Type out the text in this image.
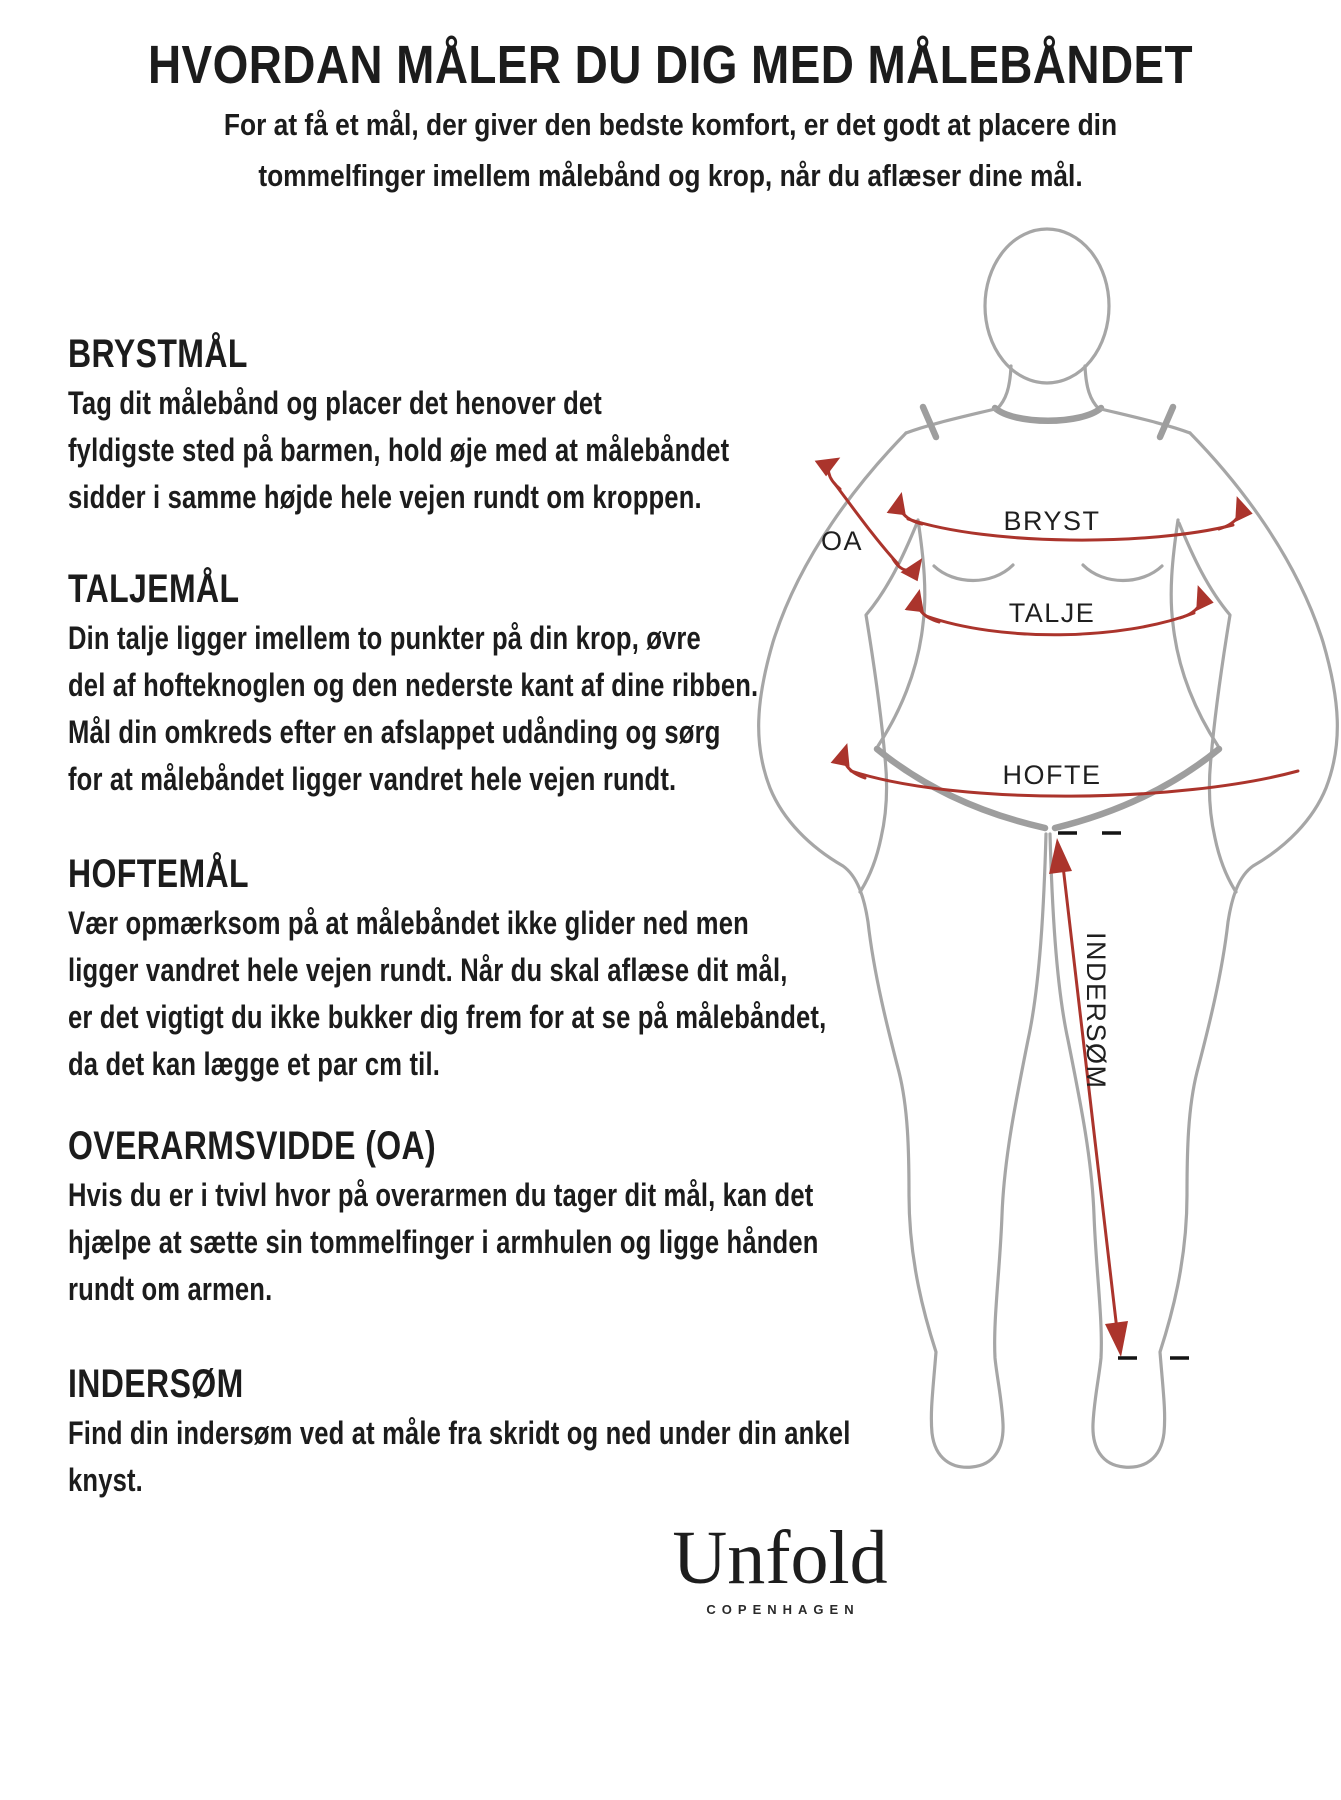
HVORDAN MÅLER DU DIG MED MÅLEBÅNDET
For at få et mål, der giver den bedste komfort, er det godt at placere din
tommelfinger imellem målebånd og krop, når du aflæser dine mål.
BRYSTMÅL
Tag dit målebånd og placer det henover det
fyldigste sted på barmen, hold øje med at målebåndet
sidder i samme højde hele vejen rundt om kroppen.
TALJEMÅL
Din talje ligger imellem to punkter på din krop, øvre
del af hofteknoglen og den nederste kant af dine ribben.
Mål din omkreds efter en afslappet udånding og sørg
for at målebåndet ligger vandret hele vejen rundt.
HOFTEMÅL
Vær opmærksom på at målebåndet ikke glider ned men
ligger vandret hele vejen rundt. Når du skal aflæse dit mål,
er det vigtigt du ikke bukker dig frem for at se på målebåndet,
da det kan lægge et par cm til.
OVERARMSVIDDE (OA)
Hvis du er i tvivl hvor på overarmen du tager dit mål, kan det
hjælpe at sætte sin tommelfinger i armhulen og ligge hånden
rundt om armen.
INDERSØM
Find din indersøm ved at måle fra skridt og ned under din ankel
knyst.
OA
BRYST
TALJE
HOFTE
INDERSØM
Unfold
COPENHAGEN
